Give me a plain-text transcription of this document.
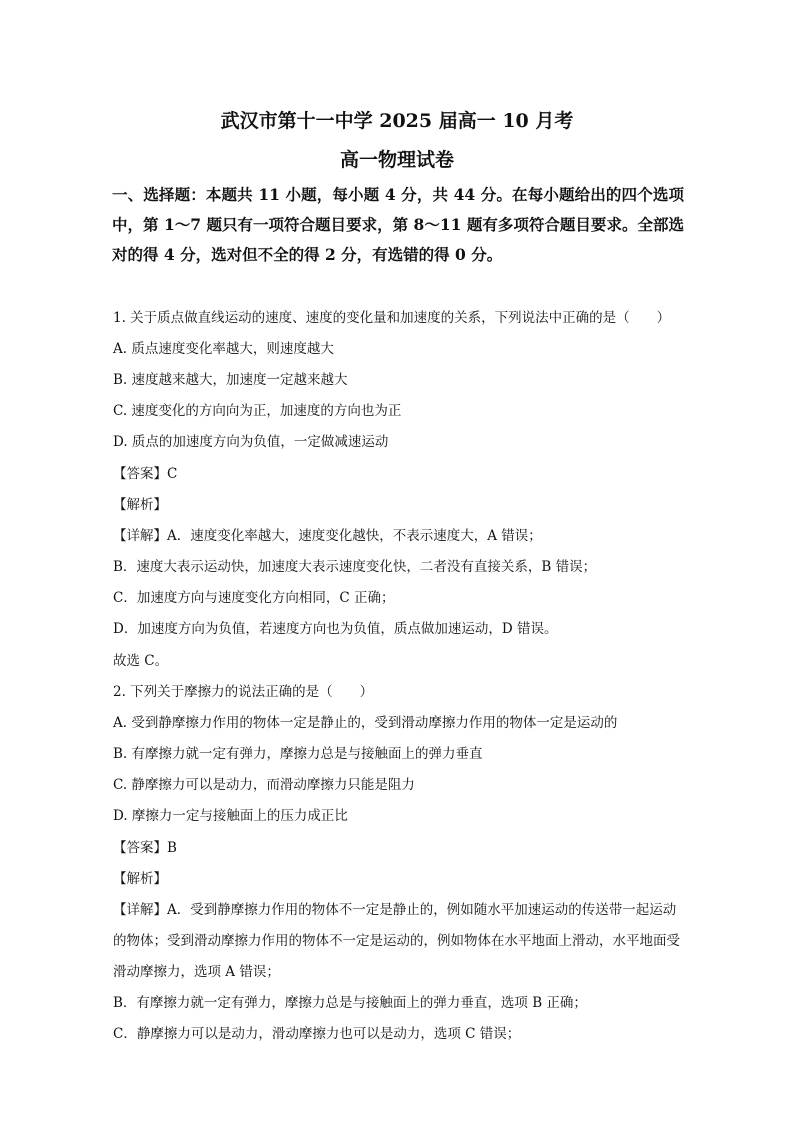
武汉市第十一中学 2025 届高一 10 月考
高一物理试卷
一、选择题：本题共 11 小题，每小题 4 分，共 44 分。在每小题给出的四个选项中，第 1～7 题只有一项符合题目要求，第 8～11 题有多项符合题目要求。全部选对的得 4 分，选对但不全的得 2 分，有选错的得 0 分。
1. 关于质点做直线运动的速度、速度的变化量和加速度的关系，下列说法中正确的是（　　）
A. 质点速度变化率越大，则速度越大
B. 速度越来越大，加速度一定越来越大
C. 速度变化的方向向为正，加速度的方向也为正
D. 质点的加速度方向为负值，一定做减速运动
【答案】C
【解析】
【详解】A．速度变化率越大，速度变化越快，不表示速度大，A 错误；
B．速度大表示运动快，加速度大表示速度变化快，二者没有直接关系，B 错误；
C．加速度方向与速度变化方向相同，C 正确；
D．加速度方向为负值，若速度方向也为负值，质点做加速运动，D 错误。
故选 C。
2. 下列关于摩擦力的说法正确的是（　　）
A. 受到静摩擦力作用的物体一定是静止的，受到滑动摩擦力作用的物体一定是运动的
B. 有摩擦力就一定有弹力，摩擦力总是与接触面上的弹力垂直
C. 静摩擦力可以是动力，而滑动摩擦力只能是阻力
D. 摩擦力一定与接触面上的压力成正比
【答案】B
【解析】
【详解】A．受到静摩擦力作用的物体不一定是静止的，例如随水平加速运动的传送带一起运动的物体；受到滑动摩擦力作用的物体不一定是运动的，例如物体在水平地面上滑动，水平地面受滑动摩擦力，选项 A 错误；
B．有摩擦力就一定有弹力，摩擦力总是与接触面上的弹力垂直，选项 B 正确；
C．静摩擦力可以是动力，滑动摩擦力也可以是动力，选项 C 错误；
